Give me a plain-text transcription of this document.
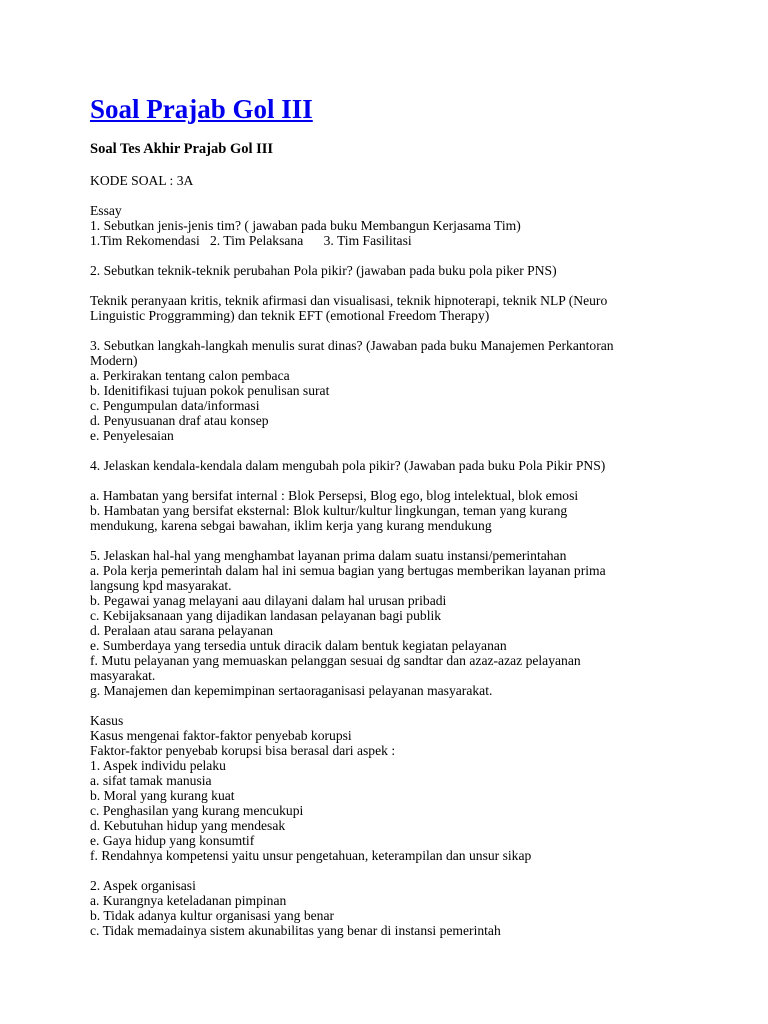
Soal Prajab Gol III
Soal Tes Akhir Prajab Gol III
KODE SOAL : 3A
Essay
1. Sebutkan jenis-jenis tim? ( jawaban pada buku Membangun Kerjasama Tim)
1.Tim Rekomendasi   2. Tim Pelaksana      3. Tim Fasilitasi
2. Sebutkan teknik-teknik perubahan Pola pikir? (jawaban pada buku pola piker PNS)
Teknik peranyaan kritis, teknik afirmasi dan visualisasi, teknik hipnoterapi, teknik NLP (Neuro
Linguistic Proggramming) dan teknik EFT (emotional Freedom Therapy)
3. Sebutkan langkah-langkah menulis surat dinas? (Jawaban pada buku Manajemen Perkantoran
Modern)
a. Perkirakan tentang calon pembaca
b. Idenitifikasi tujuan pokok penulisan surat
c. Pengumpulan data/informasi
d. Penyusuanan draf atau konsep
e. Penyelesaian
4. Jelaskan kendala-kendala dalam mengubah pola pikir? (Jawaban pada buku Pola Pikir PNS)
a. Hambatan yang bersifat internal : Blok Persepsi, Blog ego, blog intelektual, blok emosi
b. Hambatan yang bersifat eksternal: Blok kultur/kultur lingkungan, teman yang kurang
mendukung, karena sebgai bawahan, iklim kerja yang kurang mendukung
5. Jelaskan hal-hal yang menghambat layanan prima dalam suatu instansi/pemerintahan
a. Pola kerja pemerintah dalam hal ini semua bagian yang bertugas memberikan layanan prima
langsung kpd masyarakat.
b. Pegawai yanag melayani aau dilayani dalam hal urusan pribadi
c. Kebijaksanaan yang dijadikan landasan pelayanan bagi publik
d. Peralaan atau sarana pelayanan
e. Sumberdaya yang tersedia untuk diracik dalam bentuk kegiatan pelayanan
f. Mutu pelayanan yang memuaskan pelanggan sesuai dg sandtar dan azaz-azaz pelayanan
masyarakat.
g. Manajemen dan kepemimpinan sertaoraganisasi pelayanan masyarakat.
Kasus
Kasus mengenai faktor-faktor penyebab korupsi
Faktor-faktor penyebab korupsi bisa berasal dari aspek :
1. Aspek individu pelaku
a. sifat tamak manusia
b. Moral yang kurang kuat
c. Penghasilan yang kurang mencukupi
d. Kebutuhan hidup yang mendesak
e. Gaya hidup yang konsumtif
f. Rendahnya kompetensi yaitu unsur pengetahuan, keterampilan dan unsur sikap
2. Aspek organisasi
a. Kurangnya keteladanan pimpinan
b. Tidak adanya kultur organisasi yang benar
c. Tidak memadainya sistem akunabilitas yang benar di instansi pemerintah
